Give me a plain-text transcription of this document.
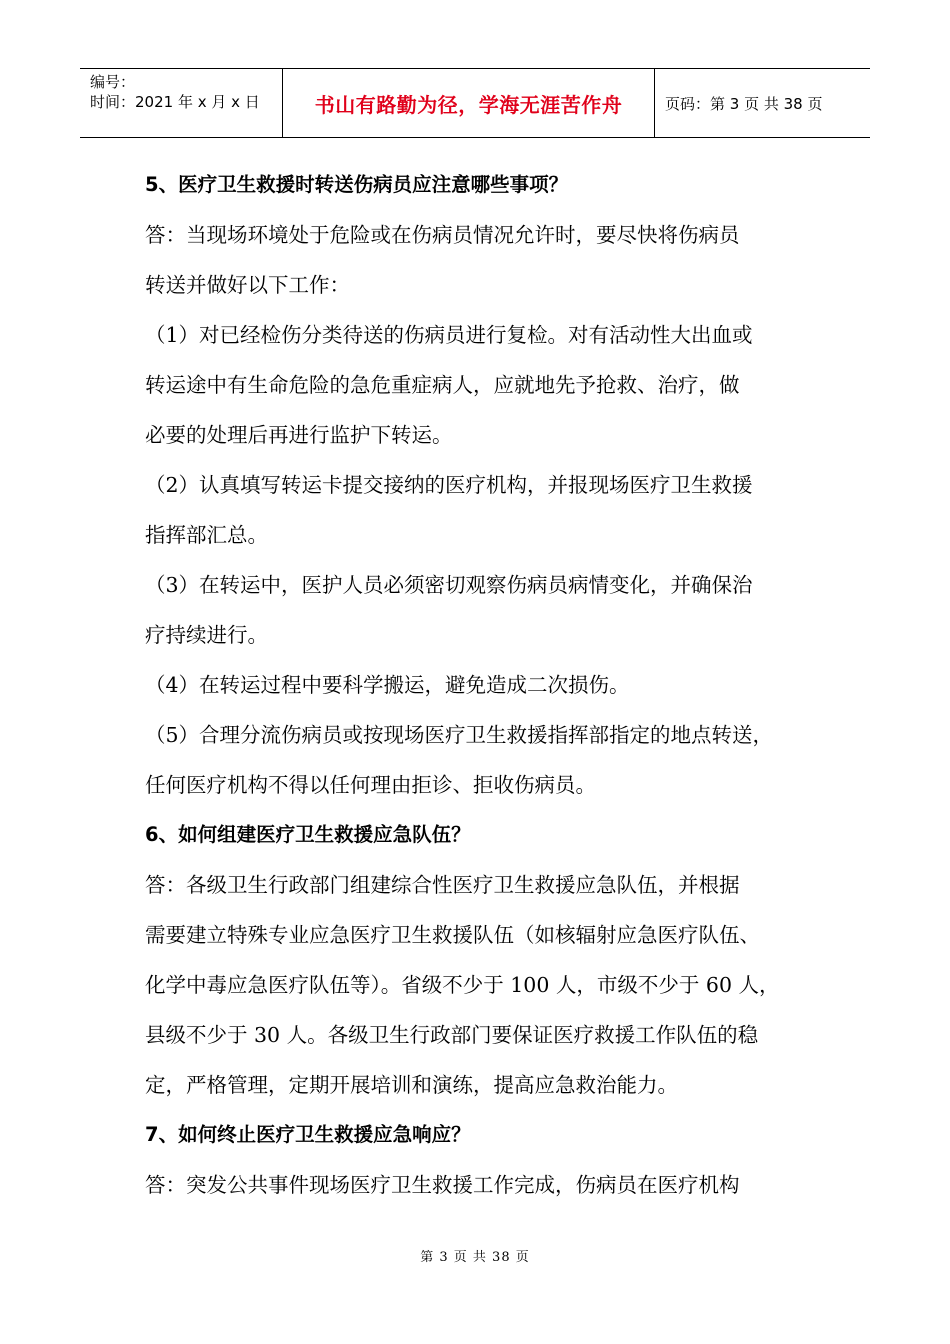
编号：
时间：2021 年 x 月 x 日	书山有路勤为径，学海无涯苦作舟	页码：第 3 页 共 38 页

5、医疗卫生救援时转送伤病员应注意哪些事项？

答：当现场环境处于危险或在伤病员情况允许时，要尽快将伤病员

转送并做好以下工作：

（1）对已经检伤分类待送的伤病员进行复检。对有活动性大出血或

转运途中有生命危险的急危重症病人，应就地先予抢救、治疗，做

必要的处理后再进行监护下转运。

（2）认真填写转运卡提交接纳的医疗机构，并报现场医疗卫生救援

指挥部汇总。

（3）在转运中，医护人员必须密切观察伤病员病情变化，并确保治

疗持续进行。

（4）在转运过程中要科学搬运，避免造成二次损伤。

（5）合理分流伤病员或按现场医疗卫生救援指挥部指定的地点转送，

任何医疗机构不得以任何理由拒诊、拒收伤病员。

6、如何组建医疗卫生救援应急队伍？

答：各级卫生行政部门组建综合性医疗卫生救援应急队伍，并根据

需要建立特殊专业应急医疗卫生救援队伍（如核辐射应急医疗队伍、

化学中毒应急医疗队伍等）。省级不少于 100 人，市级不少于 60 人，

县级不少于 30 人。各级卫生行政部门要保证医疗救援工作队伍的稳

定，严格管理，定期开展培训和演练，提高应急救治能力。

7、如何终止医疗卫生救援应急响应？

答：突发公共事件现场医疗卫生救援工作完成，伤病员在医疗机构

第 3 页 共 38 页
